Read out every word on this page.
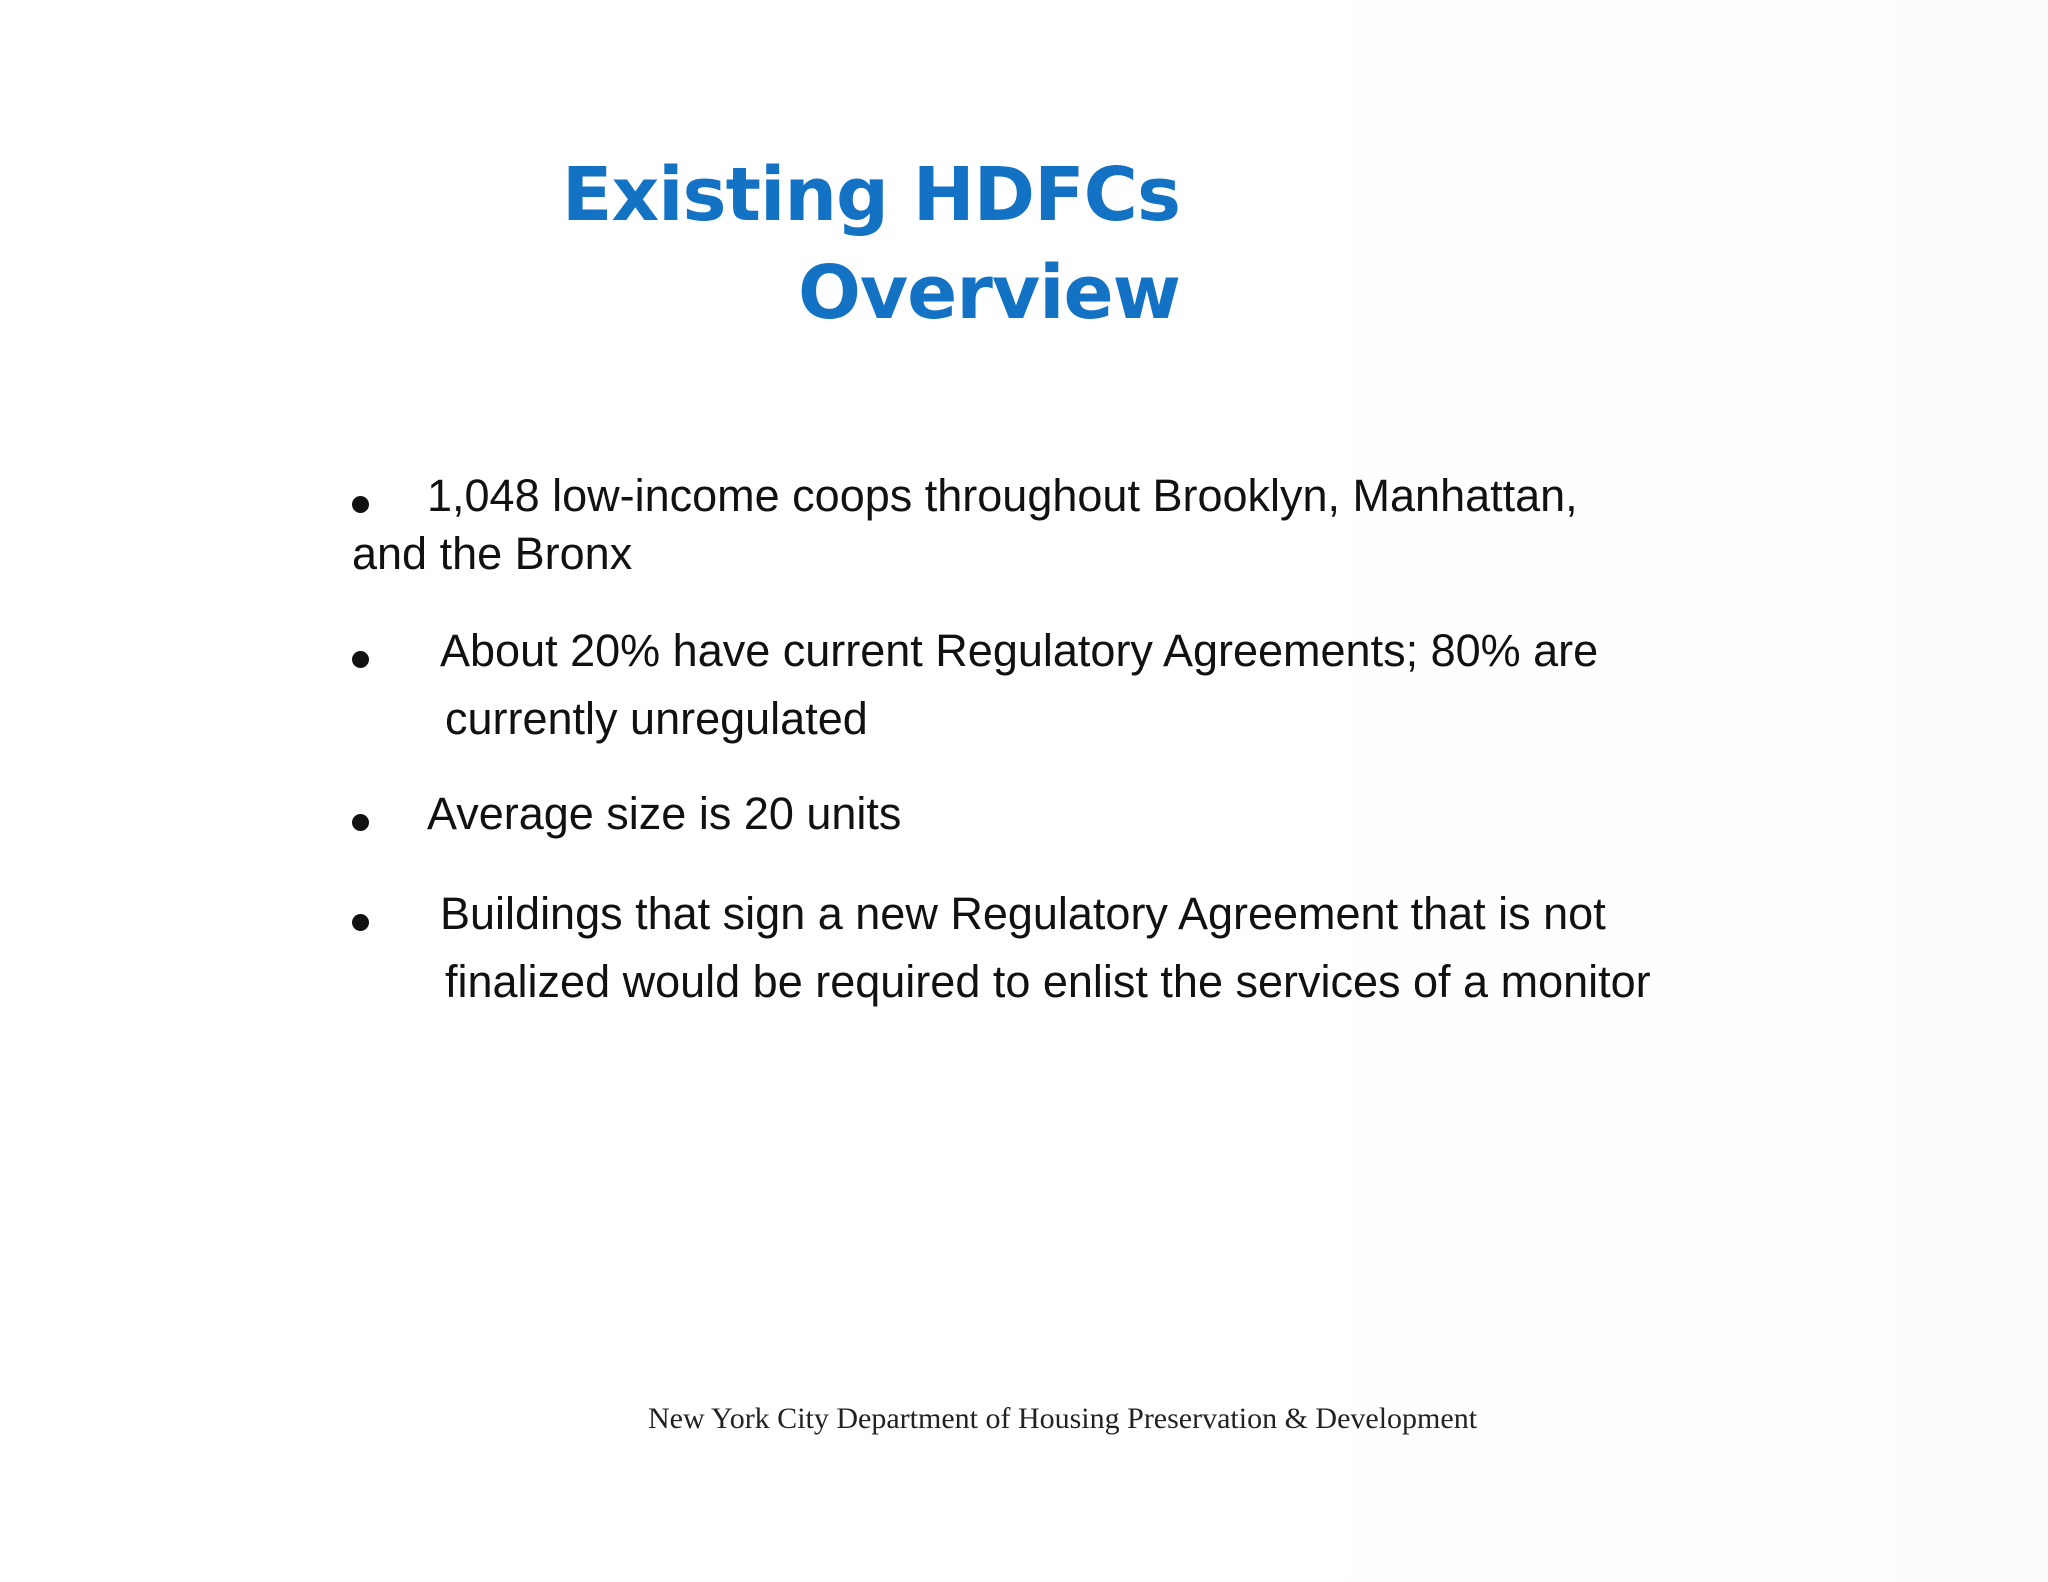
Existing HDFCs
Overview
1,048 low-income coops throughout Brooklyn, Manhattan,
and the Bronx
About 20% have current Regulatory Agreements; 80% are
currently unregulated
Average size is 20 units
Buildings that sign a new Regulatory Agreement that is not
finalized would be required to enlist the services of a monitor
New York City Department of Housing Preservation & Development
